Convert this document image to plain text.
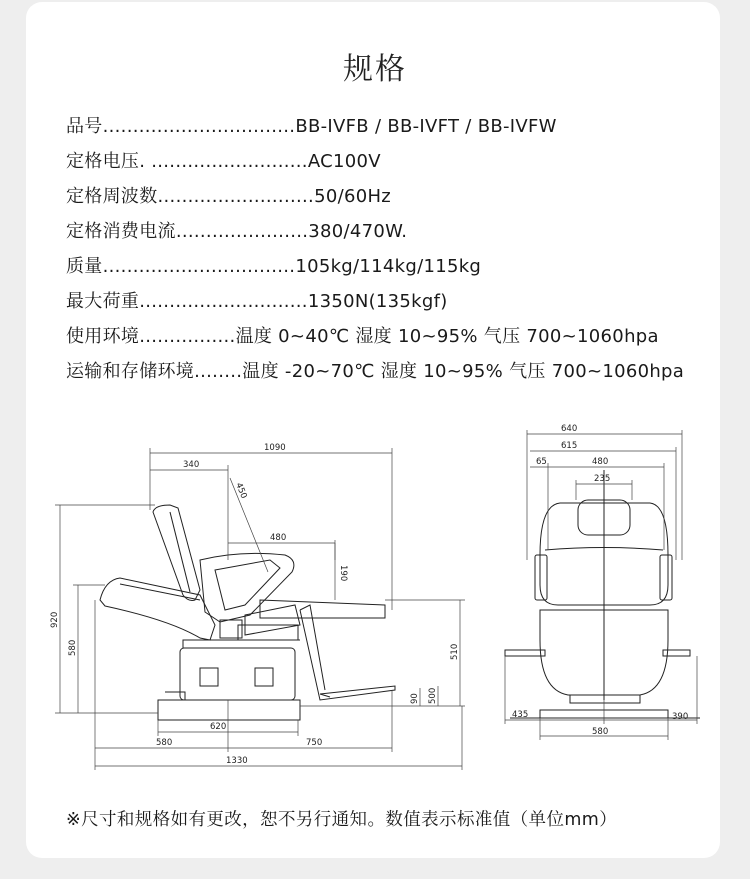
规格
品号................................BB-IVFB / BB-IVFT / BB-IVFW
定格电压. ..........................AC100V
定格周波数..........................50/60Hz
定格消费电流......................380/470W.
质量................................105kg/114kg/115kg
最大荷重............................1350N(135kgf)
使用环境................温度 0~40℃ 湿度 10~95% 气压 700~1060hpa
运输和存储环境........温度 -20~70℃ 湿度 10~95% 气压 700~1060hpa
1090
340
450
480
190
920
580	510
500
90
620
580	750
1330
640
615
65	480
235
435	390
580
※尺寸和规格如有更改，恕不另行通知。数值表示标准值（单位mm）
